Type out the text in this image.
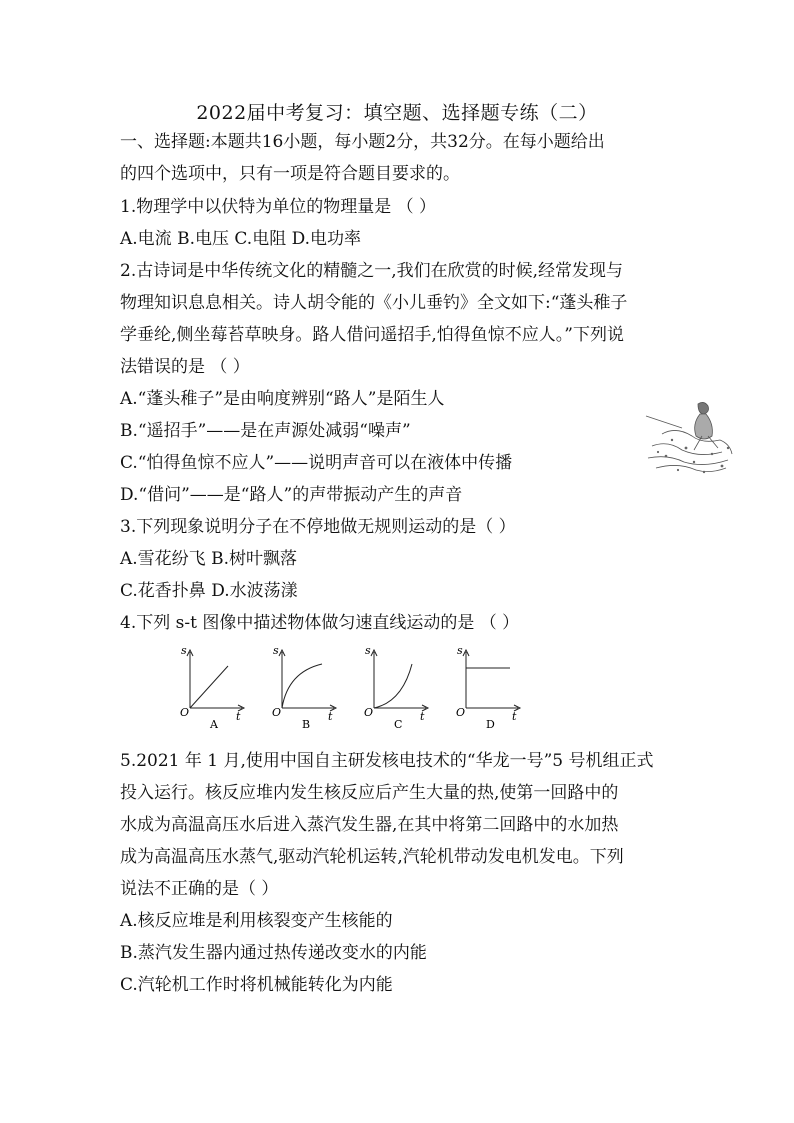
2022届中考复习：填空题、选择题专练（二）
一、选择题:本题共16小题，每小题2分，共32分。在每小题给出
的四个选项中，只有一项是符合题目要求的。
1.物理学中以伏特为单位的物理量是 （ ）
A.电流 B.电压 C.电阻 D.电功率
2.古诗词是中华传统文化的精髓之一,我们在欣赏的时候,经常发现与
物理知识息息相关。诗人胡令能的《小儿垂钓》全文如下:“蓬头稚子
学垂纶,侧坐莓苔草映身。路人借问遥招手,怕得鱼惊不应人。”下列说
法错误的是 （ ）
A.“蓬头稚子”是由响度辨别“路人”是陌生人
B.“遥招手”——是在声源处减弱“噪声”
C.“怕得鱼惊不应人”——说明声音可以在液体中传播
D.“借问”——是“路人”的声带振动产生的声音
3.下列现象说明分子在不停地做无规则运动的是（ ）
A.雪花纷飞 B.树叶飘落
C.花香扑鼻 D.水波荡漾
4.下列 s-t 图像中描述物体做匀速直线运动的是 （ ）
s
O	t
A
s
O	t
B
s
O	t
C
s
O	t
D
5.2021 年 1 月,使用中国自主研发核电技术的“华龙一号”5 号机组正式
投入运行。核反应堆内发生核反应后产生大量的热,使第一回路中的
水成为高温高压水后进入蒸汽发生器,在其中将第二回路中的水加热
成为高温高压水蒸气,驱动汽轮机运转,汽轮机带动发电机发电。下列
说法不正确的是（ ）
A.核反应堆是利用核裂变产生核能的
B.蒸汽发生器内通过热传递改变水的内能
C.汽轮机工作时将机械能转化为内能
